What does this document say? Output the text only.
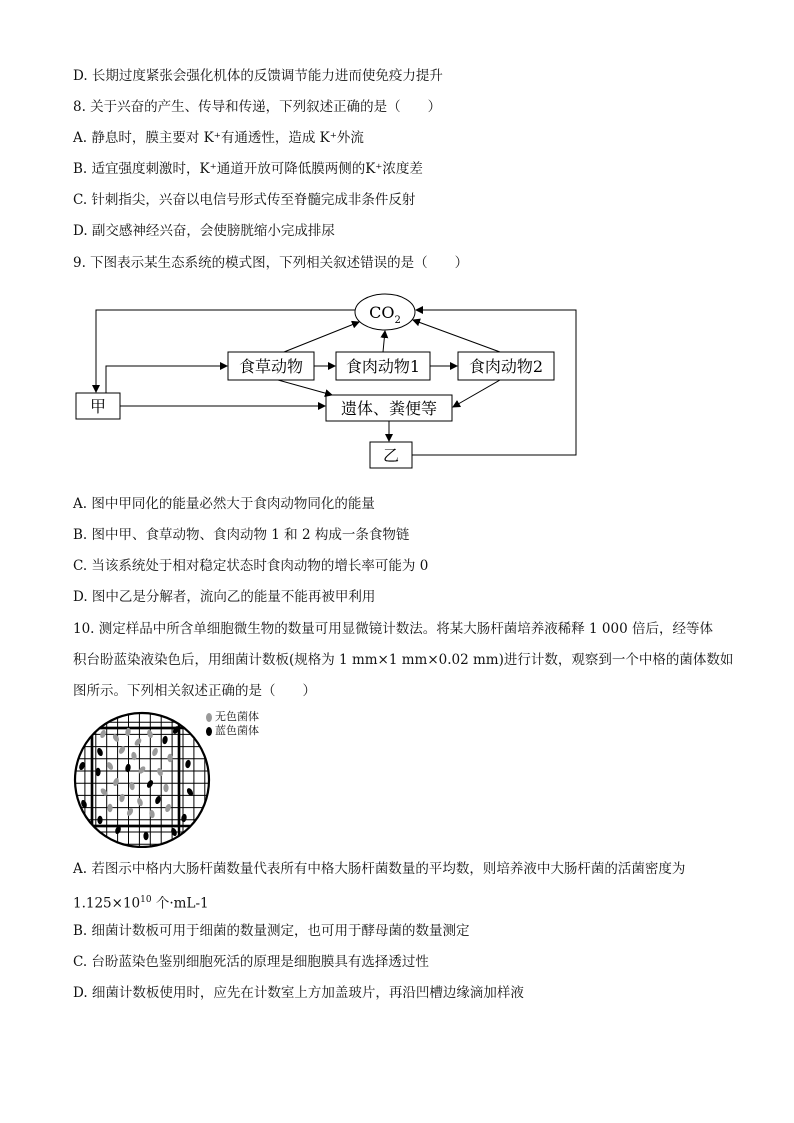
D. 长期过度紧张会强化机体的反馈调节能力进而使免疫力提升
8. 关于兴奋的产生、传导和传递，下列叙述正确的是（　　）
A. 静息时，膜主要对 K⁺有通透性，造成 K⁺外流
B. 适宜强度刺激时，K⁺通道开放可降低膜两侧的K⁺浓度差
C. 针刺指尖，兴奋以电信号形式传至脊髓完成非条件反射
D. 副交感神经兴奋，会使膀胱缩小完成排尿
9. 下图表示某生态系统的模式图，下列相关叙述错误的是（　　）
$CO_2$
食草动物	食肉动物1	食肉动物2
甲	遗体、粪便等
乙
A. 图中甲同化的能量必然大于食肉动物同化的能量
B. 图中甲、食草动物、食肉动物 1 和 2 构成一条食物链
C. 当该系统处于相对稳定状态时食肉动物的增长率可能为 0
D. 图中乙是分解者，流向乙的能量不能再被甲利用
10. 测定样品中所含单细胞微生物的数量可用显微镜计数法。将某大肠杆菌培养液稀释 1 000 倍后，经等体
积台盼蓝染液染色后，用细菌计数板(规格为 1 mm×1 mm×0.02 mm)进行计数，观察到一个中格的菌体数如
图所示。下列相关叙述正确的是（　　）
无色菌体
蓝色菌体
A. 若图示中格内大肠杆菌数量代表所有中格大肠杆菌数量的平均数，则培养液中大肠杆菌的活菌密度为
$1.125\times 10^{10}$ 个·mL-1
B. 细菌计数板可用于细菌的数量测定，也可用于酵母菌的数量测定
C. 台盼蓝染色鉴别细胞死活的原理是细胞膜具有选择透过性
D. 细菌计数板使用时，应先在计数室上方加盖玻片，再沿凹槽边缘滴加样液
